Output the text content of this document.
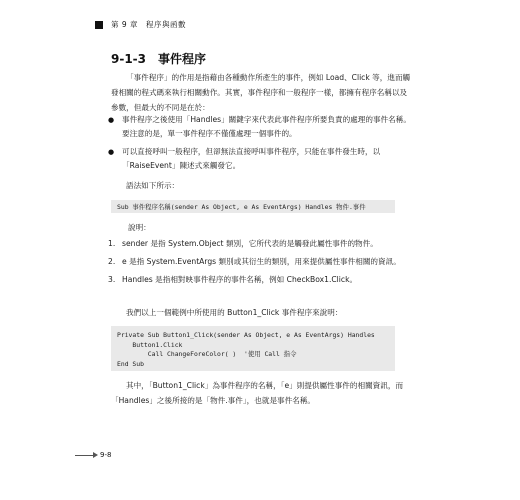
第 9 章　程序與函數
9-1-3　事件程序
「事件程序」的作用是指藉由各種動作所產生的事件，例如 Load、Click 等，進而觸發相關的程式碼來執行相關動作。其實，事件程序和一般程序一樣，都擁有程序名稱以及參數，但最大的不同是在於：
●	事件程序之後使用「Handles」關鍵字來代表此事件程序所要負責的處理的事件名稱。要注意的是，單一事件程序不僅僅處理一個事件的。
●	可以直接呼叫一般程序，但卻無法直接呼叫事件程序，只能在事件發生時，以「RaiseEvent」陳述式來觸發它。
語法如下所示：
Sub 事件程序名稱(sender As Object, e As EventArgs) Handles 物件.事件
說明：
1. sender 是指 System.Object 類別，它所代表的是觸發此屬性事件的物件。
2. e 是指 System.EventArgs 類別或其衍生的類別，用來提供屬性事件相關的資訊。
3. Handles 是指相對映事件程序的事件名稱，例如 CheckBox1.Click。
我們以上一個範例中所使用的 Button1_Click 事件程序來說明：
Private Sub Button1_Click(sender As Object, e As EventArgs) Handles
Button1.Click
Call ChangeForeColor( )  '使用 Call 指令
End Sub
其中，「Button1_Click」為事件程序的名稱，「e」則提供屬性事件的相關資訊，而「Handles」之後所接的是「物件.事件」，也就是事件名稱。
9-8
